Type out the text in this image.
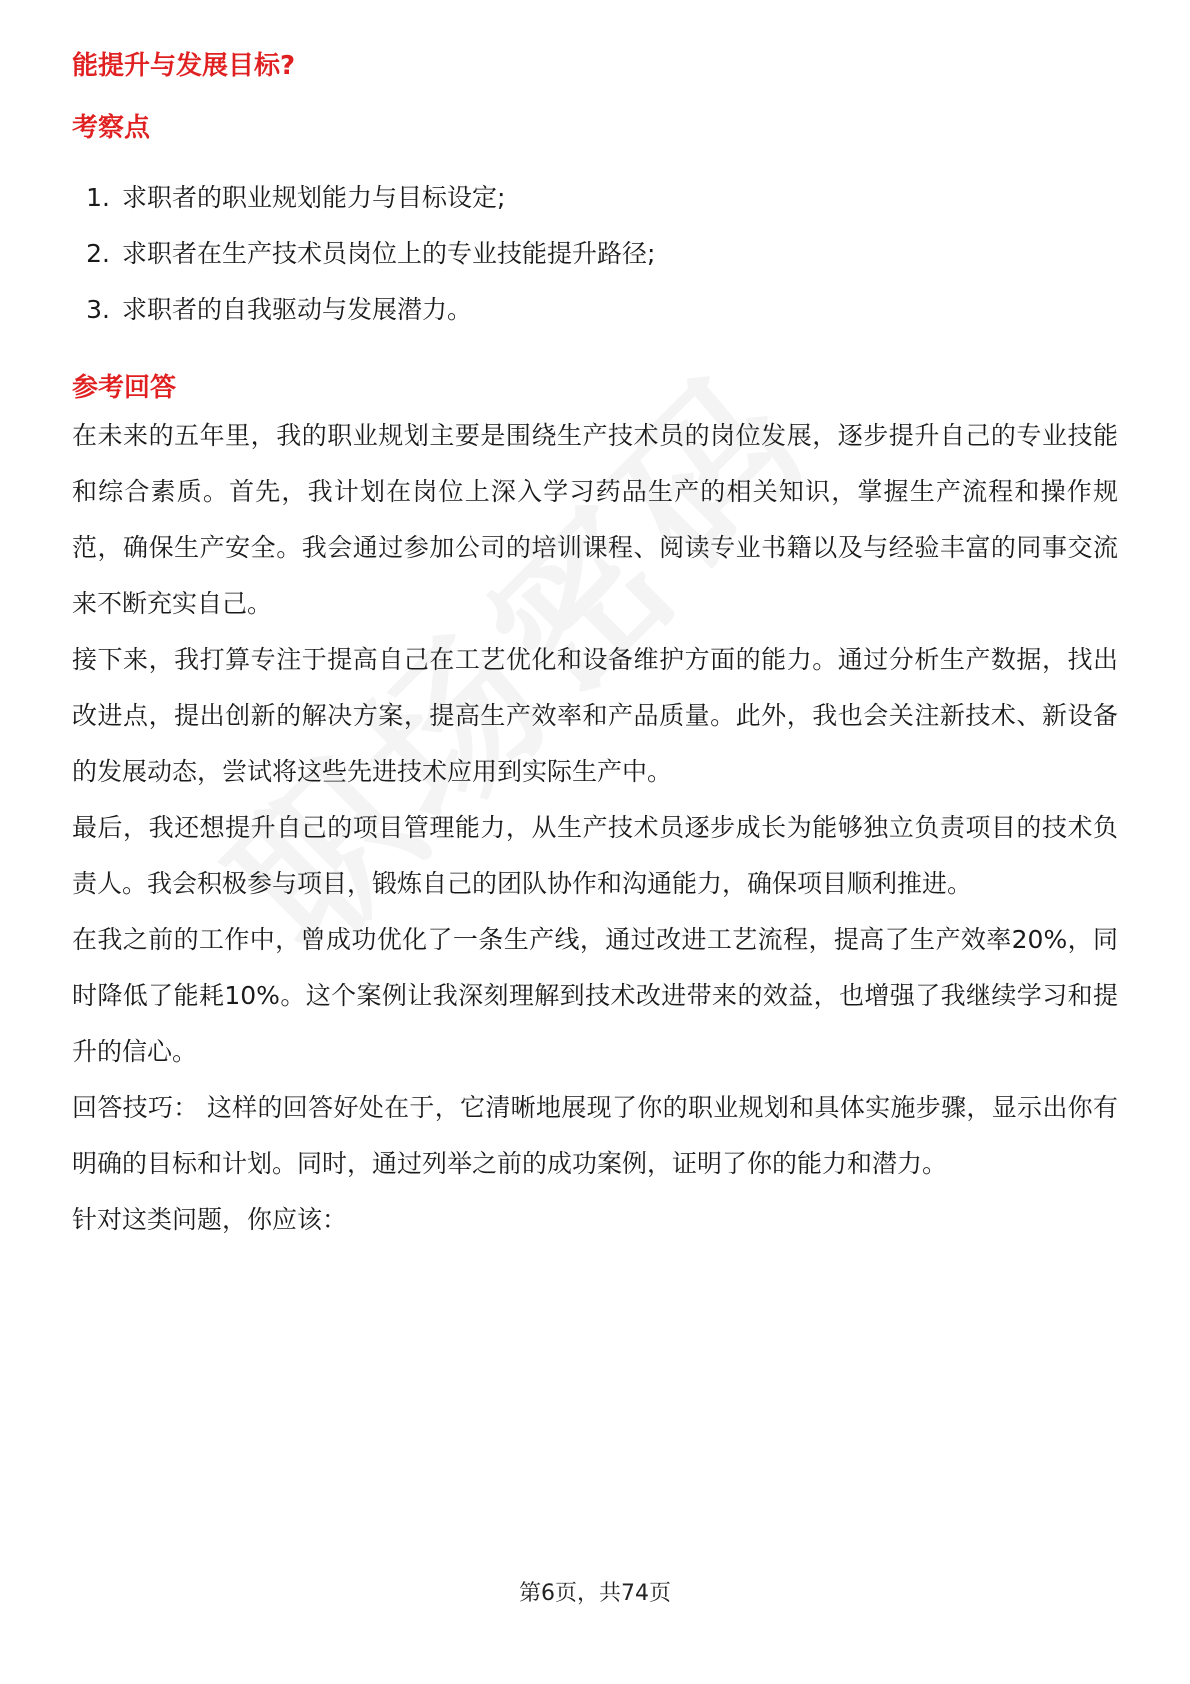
能提升与发展目标?
考察点
1. 求职者的职业规划能力与目标设定;
2. 求职者在生产技术员岗位上的专业技能提升路径;
3. 求职者的自我驱动与发展潜力。
参考回答

在未来的五年里，我的职业规划主要是围绕生产技术员的岗位发展，逐步提升自己的专业技能和综合素质。首先，我计划在岗位上深入学习药品生产的相关知识，掌握生产流程和操作规范，确保生产安全。我会通过参加公司的培训课程、阅读专业书籍以及与经验丰富的同事交流来不断充实自己。

接下来，我打算专注于提高自己在工艺优化和设备维护方面的能力。通过分析生产数据，找出改进点，提出创新的解决方案，提高生产效率和产品质量。此外，我也会关注新技术、新设备的发展动态，尝试将这些先进技术应用到实际生产中。

最后，我还想提升自己的项目管理能力，从生产技术员逐步成长为能够独立负责项目的技术负责人。我会积极参与项目，锻炼自己的团队协作和沟通能力，确保项目顺利推进。

在我之前的工作中，曾成功优化了一条生产线，通过改进工艺流程，提高了生产效率20%，同时降低了能耗10%。这个案例让我深刻理解到技术改进带来的效益，也增强了我继续学习和提升的信心。

回答技巧： 这样的回答好处在于，它清晰地展现了你的职业规划和具体实施步骤，显示出你有明确的目标和计划。同时，通过列举之前的成功案例，证明了你的能力和潜力。

针对这类问题，你应该：

第6页，共74页
